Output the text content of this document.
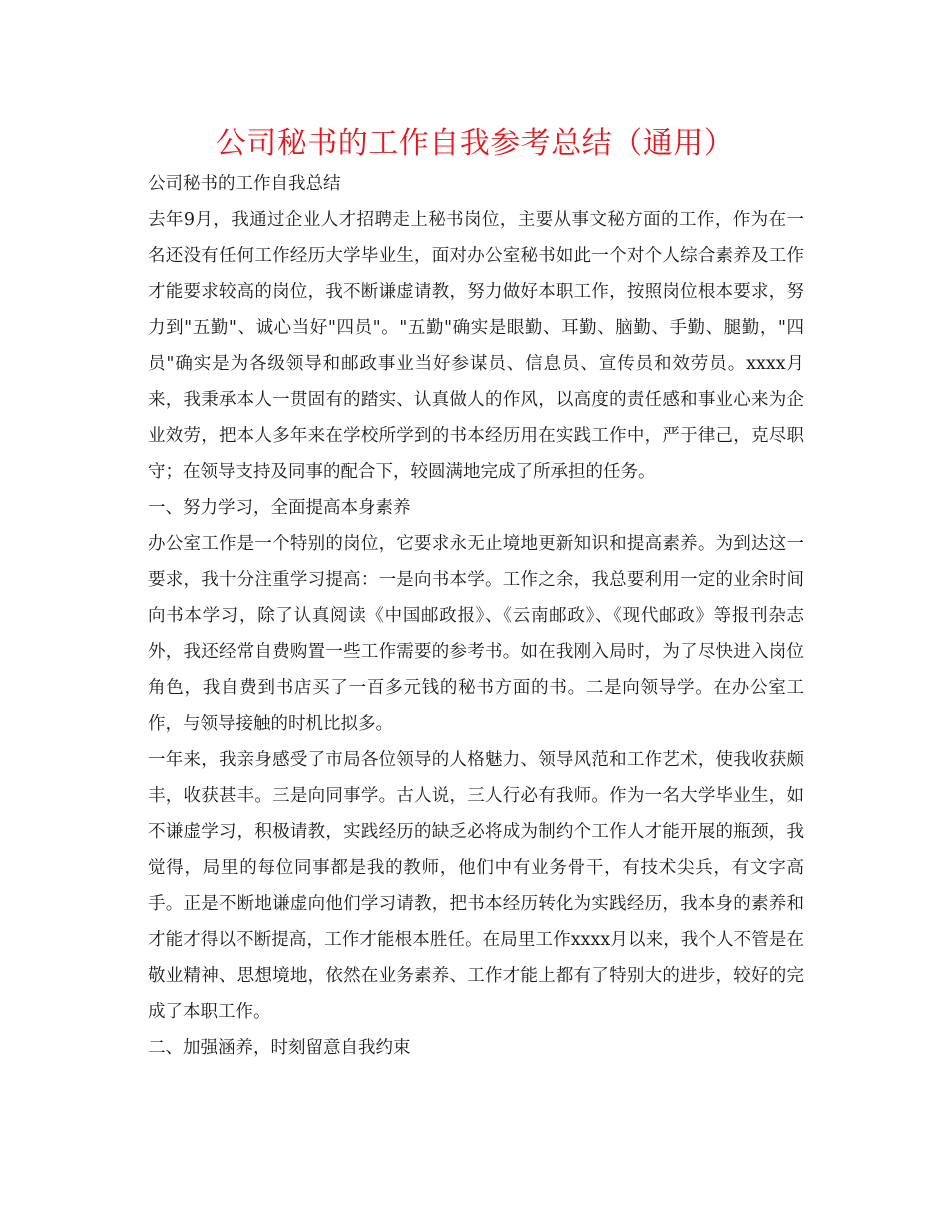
公司秘书的工作自我参考总结（通用）

公司秘书的工作自我总结

去年9月，我通过企业人才招聘走上秘书岗位，主要从事文秘方面的工作，作为在一名还没有任何工作经历大学毕业生，面对办公室秘书如此一个对个人综合素养及工作才能要求较高的岗位，我不断谦虚请教，努力做好本职工作，按照岗位根本要求，努力到"五勤"、诚心当好"四员"。"五勤"确实是眼勤、耳勤、脑勤、手勤、腿勤，"四员"确实是为各级领导和邮政事业当好参谋员、信息员、宣传员和效劳员。xxxx月来，我秉承本人一贯固有的踏实、认真做人的作风，以高度的责任感和事业心来为企业效劳，把本人多年来在学校所学到的书本经历用在实践工作中，严于律己，克尽职守；在领导支持及同事的配合下，较圆满地完成了所承担的任务。

一、努力学习，全面提高本身素养

办公室工作是一个特别的岗位，它要求永无止境地更新知识和提高素养。为到达这一要求，我十分注重学习提高：一是向书本学。工作之余，我总要利用一定的业余时间向书本学习，除了认真阅读《中国邮政报》、《云南邮政》、《现代邮政》等报刊杂志外，我还经常自费购置一些工作需要的参考书。如在我刚入局时，为了尽快进入岗位角色，我自费到书店买了一百多元钱的秘书方面的书。二是向领导学。在办公室工作，与领导接触的时机比拟多。

一年来，我亲身感受了市局各位领导的人格魅力、领导风范和工作艺术，使我收获颇丰，收获甚丰。三是向同事学。古人说，三人行必有我师。作为一名大学毕业生，如不谦虚学习，积极请教，实践经历的缺乏必将成为制约个工作人才能开展的瓶颈，我觉得，局里的每位同事都是我的教师，他们中有业务骨干，有技术尖兵，有文字高手。正是不断地谦虚向他们学习请教，把书本经历转化为实践经历，我本身的素养和才能才得以不断提高，工作才能根本胜任。在局里工作xxxx月以来，我个人不管是在敬业精神、思想境地，依然在业务素养、工作才能上都有了特别大的进步，较好的完成了本职工作。

二、加强涵养，时刻留意自我约束
